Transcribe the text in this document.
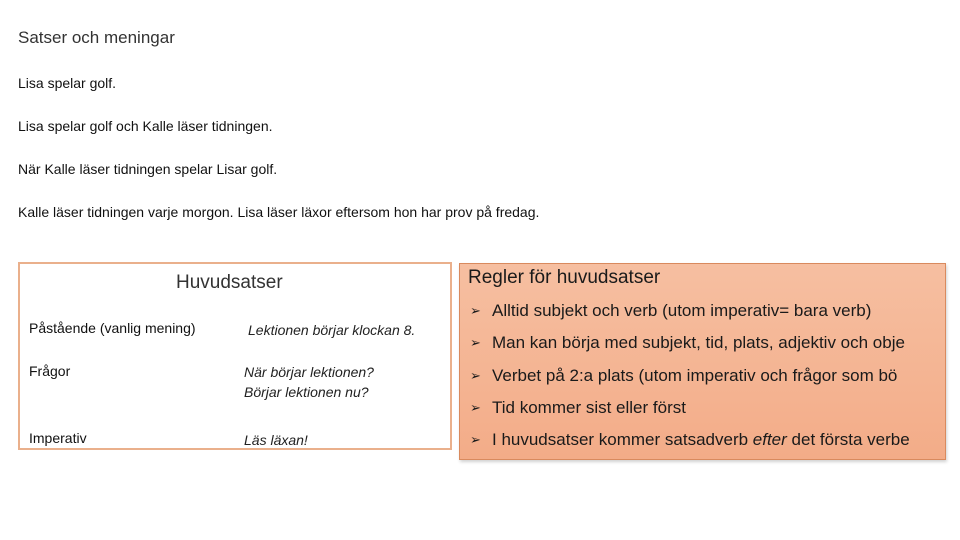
Satser och meningar
Lisa spelar golf.
Lisa spelar golf och Kalle läser tidningen.
När Kalle läser tidningen spelar Lisar golf.
Kalle läser tidningen varje morgon. Lisa läser läxor eftersom hon har prov på fredag.
Huvudsatser
Påstående (vanlig mening)	Lektionen börjar klockan 8.
Frågor	När börjar lektionen?
Börjar lektionen nu?
Imperativ	Läs läxan!
Regler för huvudsatser
➢ Alltid subjekt och verb (utom imperativ= bara verb)
➢ Man kan börja med subjekt, tid, plats, adjektiv och obje
➢ Verbet på 2:a plats (utom imperativ och frågor som bö
➢ Tid kommer sist eller först
➢ I huvudsatser kommer satsadverb efter det första verbe
